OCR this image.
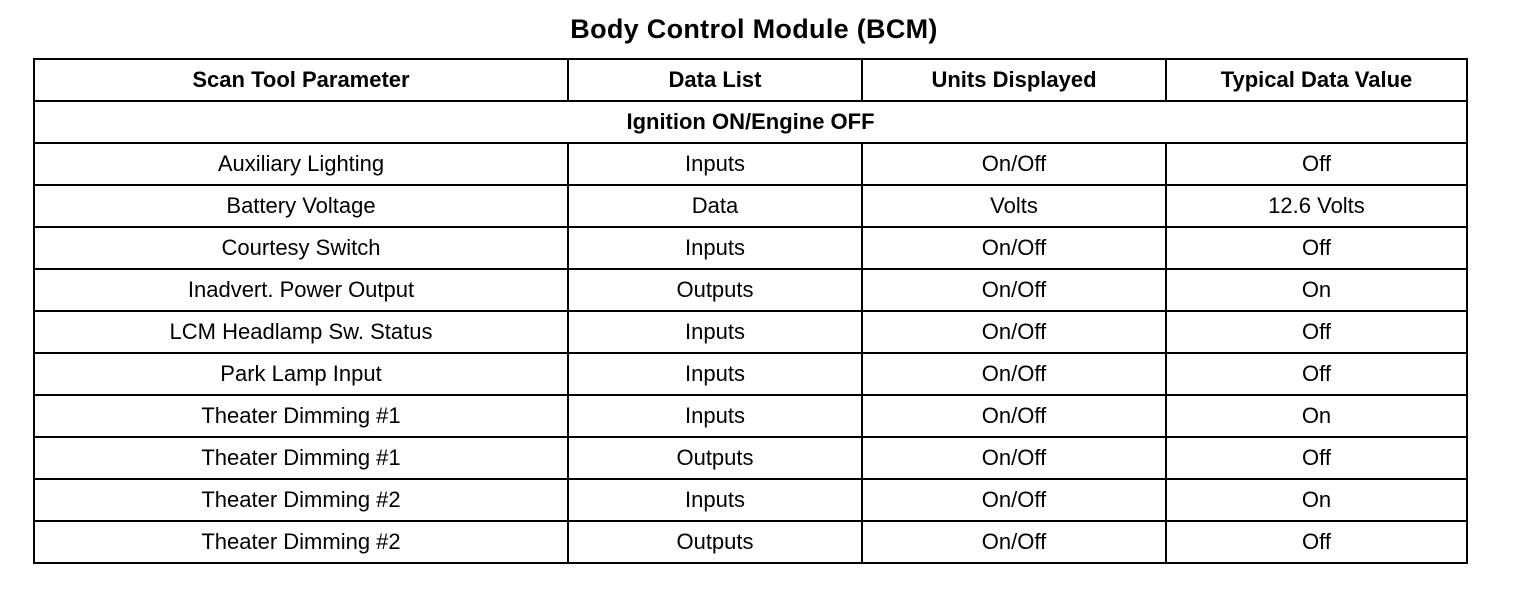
Body Control Module (BCM)
Scan Tool Parameter	Data List	Units Displayed	Typical Data Value
Ignition ON/Engine OFF			
Auxiliary Lighting	Inputs	On/Off	Off
Battery Voltage	Data	Volts	12.6 Volts
Courtesy Switch	Inputs	On/Off	Off
Inadvert. Power Output	Outputs	On/Off	On
LCM Headlamp Sw. Status	Inputs	On/Off	Off
Park Lamp Input	Inputs	On/Off	Off
Theater Dimming #1	Inputs	On/Off	On
Theater Dimming #1	Outputs	On/Off	Off
Theater Dimming #2	Inputs	On/Off	On
Theater Dimming #2	Outputs	On/Off	Off
